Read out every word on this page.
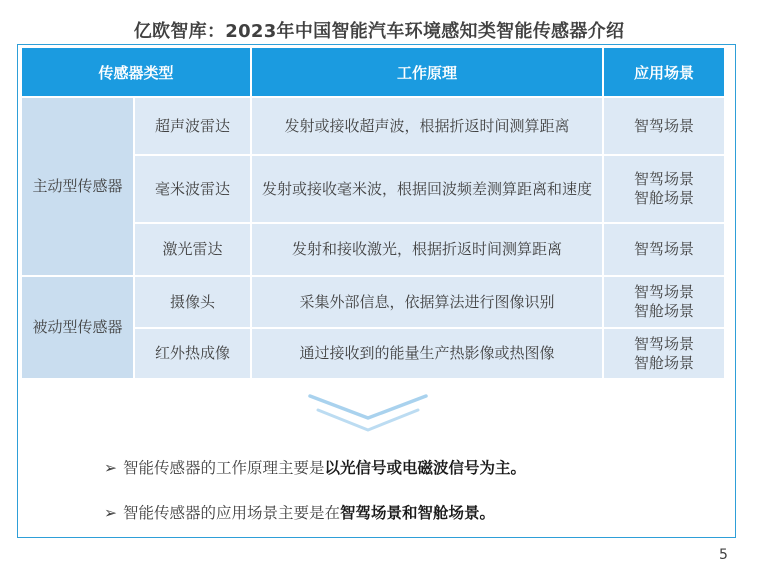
亿欧智库：2023年中国智能汽车环境感知类智能传感器介绍
传感器类型		工作原理	应用场景
主动型传感器	超声波雷达	发射或接收超声波，根据折返时间测算距离	智驾场景

	毫米波雷达	发射或接收毫米波，根据回波频差测算距离和速度	智驾场景
智舱场景

	激光雷达	发射和接收激光，根据折返时间测算距离	智驾场景

被动型传感器	摄像头	采集外部信息，依据算法进行图像识别	智驾场景
智舱场景

	红外热成像	通过接收到的能量生产热影像或热图像	智驾场景
智舱场景
➢ 智能传感器的工作原理主要是以光信号或电磁波信号为主。
➢ 智能传感器的应用场景主要是在智驾场景和智舱场景。
5
